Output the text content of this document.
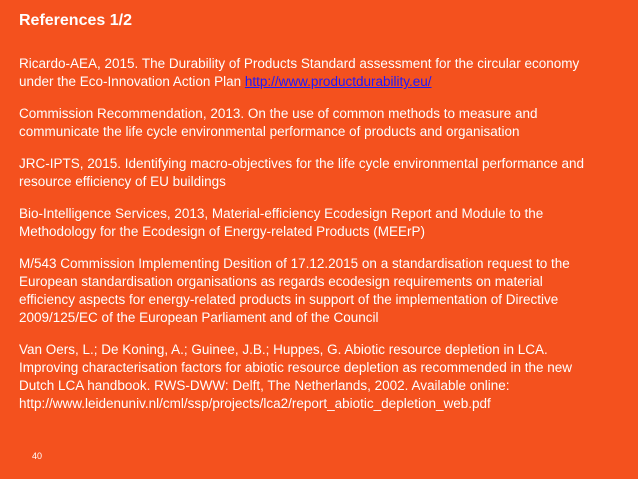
References 1/2

Ricardo-AEA, 2015. The Durability of Products Standard assessment for the circular economy
under the Eco-Innovation Action Plan http://www.productdurability.eu/

Commission Recommendation, 2013. On the use of common methods to measure and
communicate the life cycle environmental performance of products and organisation

JRC-IPTS, 2015. Identifying macro-objectives for the life cycle environmental performance and
resource efficiency of EU buildings

Bio-Intelligence Services, 2013, Material-efficiency Ecodesign Report and Module to the
Methodology for the Ecodesign of Energy-related Products (MEErP)

M/543 Commission Implementing Desition of 17.12.2015 on a standardisation request to the
European standardisation organisations as regards ecodesign requirements on material
efficiency aspects for energy-related products in support of the implementation of Directive
2009/125/EC of the European Parliament and of the Council

Van Oers, L.; De Koning, A.; Guinee, J.B.; Huppes, G. Abiotic resource depletion in LCA.
Improving characterisation factors for abiotic resource depletion as recommended in the new
Dutch LCA handbook. RWS-DWW: Delft, The Netherlands, 2002. Available online:
http://www.leidenuniv.nl/cml/ssp/projects/lca2/report_abiotic_depletion_web.pdf

40
